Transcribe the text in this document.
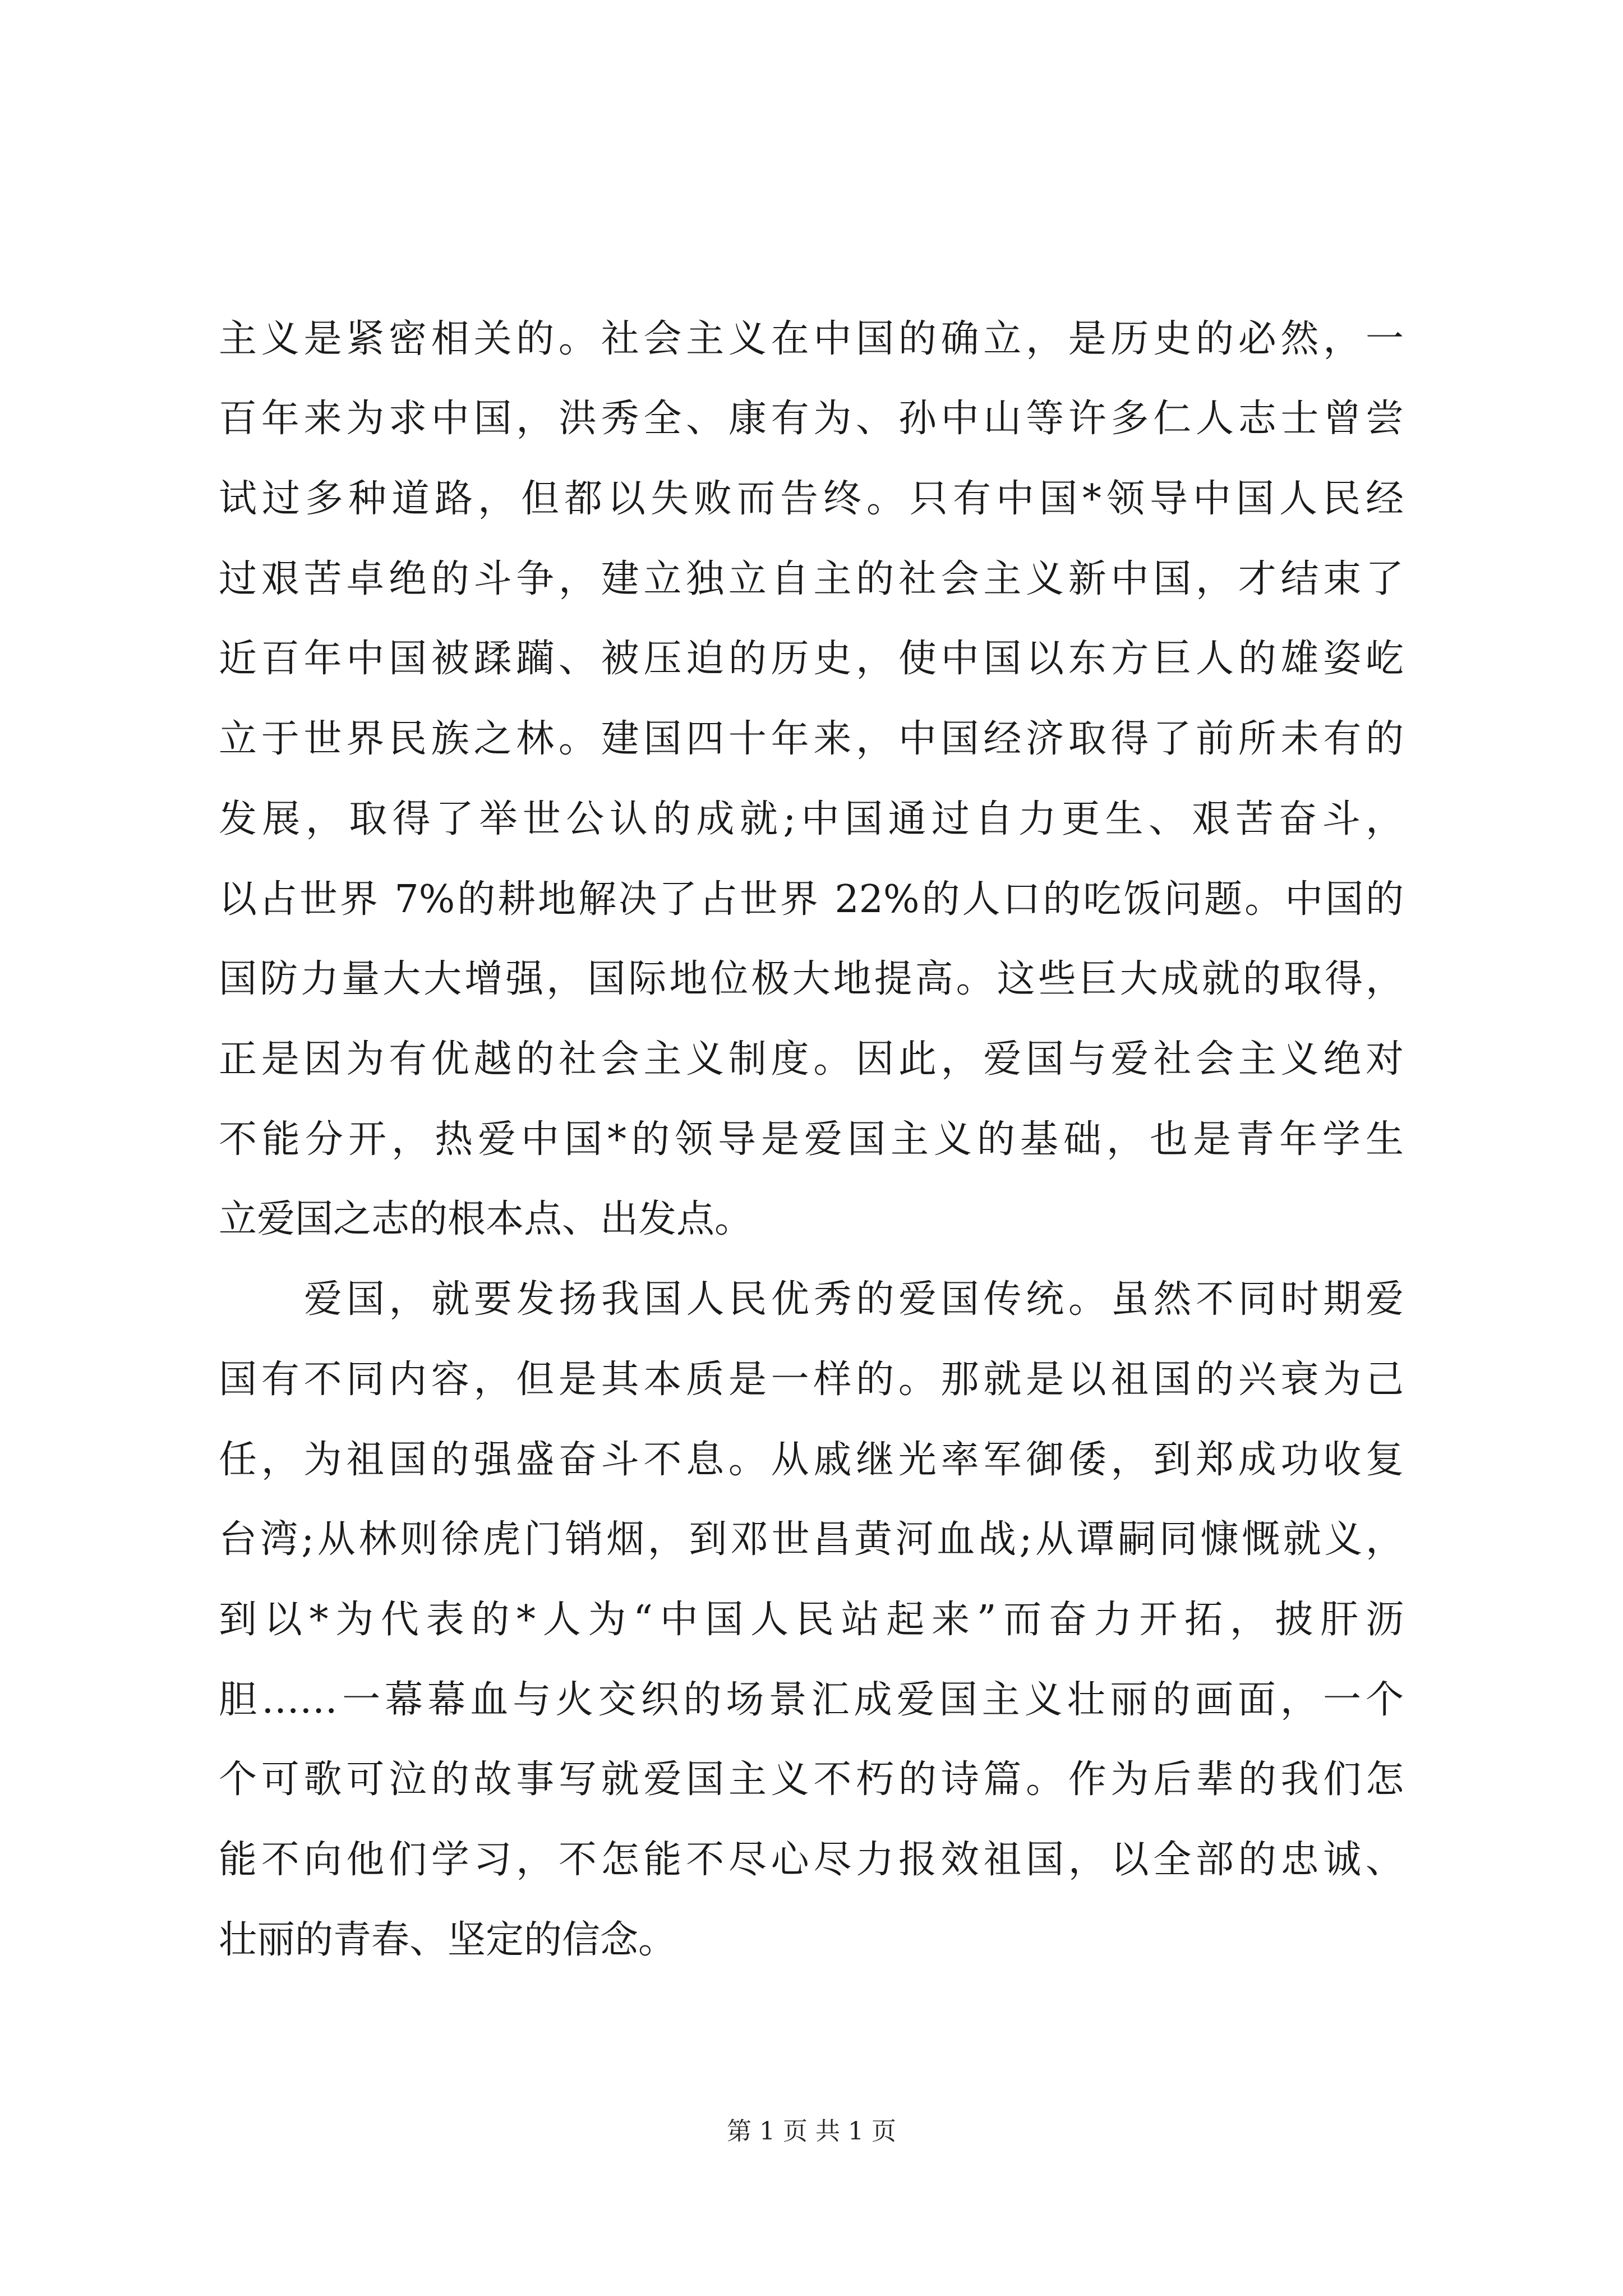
主义是紧密相关的。社会主义在中国的确立，是历史的必然，一
百年来为求中国，洪秀全、康有为、孙中山等许多仁人志士曾尝
试过多种道路，但都以失败而告终。只有中国*领导中国人民经
过艰苦卓绝的斗争，建立独立自主的社会主义新中国，才结束了
近百年中国被蹂躏、被压迫的历史，使中国以东方巨人的雄姿屹
立于世界民族之林。建国四十年来，中国经济取得了前所未有的
发展，取得了举世公认的成就;中国通过自力更生、艰苦奋斗，
以占世界 7%的耕地解决了占世界 22%的人口的吃饭问题。中国的
国防力量大大增强，国际地位极大地提高。这些巨大成就的取得，
正是因为有优越的社会主义制度。因此，爱国与爱社会主义绝对
不能分开，热爱中国*的领导是爱国主义的基础，也是青年学生
立爱国之志的根本点、出发点。
爱国，就要发扬我国人民优秀的爱国传统。虽然不同时期爱
国有不同内容，但是其本质是一样的。那就是以祖国的兴衰为己
任，为祖国的强盛奋斗不息。从戚继光率军御倭，到郑成功收复
台湾;从林则徐虎门销烟，到邓世昌黄河血战;从谭嗣同慷慨就义，
到以*为代表的*人为“中国人民站起来”而奋力开拓，披肝沥
胆……一幕幕血与火交织的场景汇成爱国主义壮丽的画面，一个
个可歌可泣的故事写就爱国主义不朽的诗篇。作为后辈的我们怎
能不向他们学习，不怎能不尽心尽力报效祖国，以全部的忠诚、
壮丽的青春、坚定的信念。
第 1 页 共 1 页
